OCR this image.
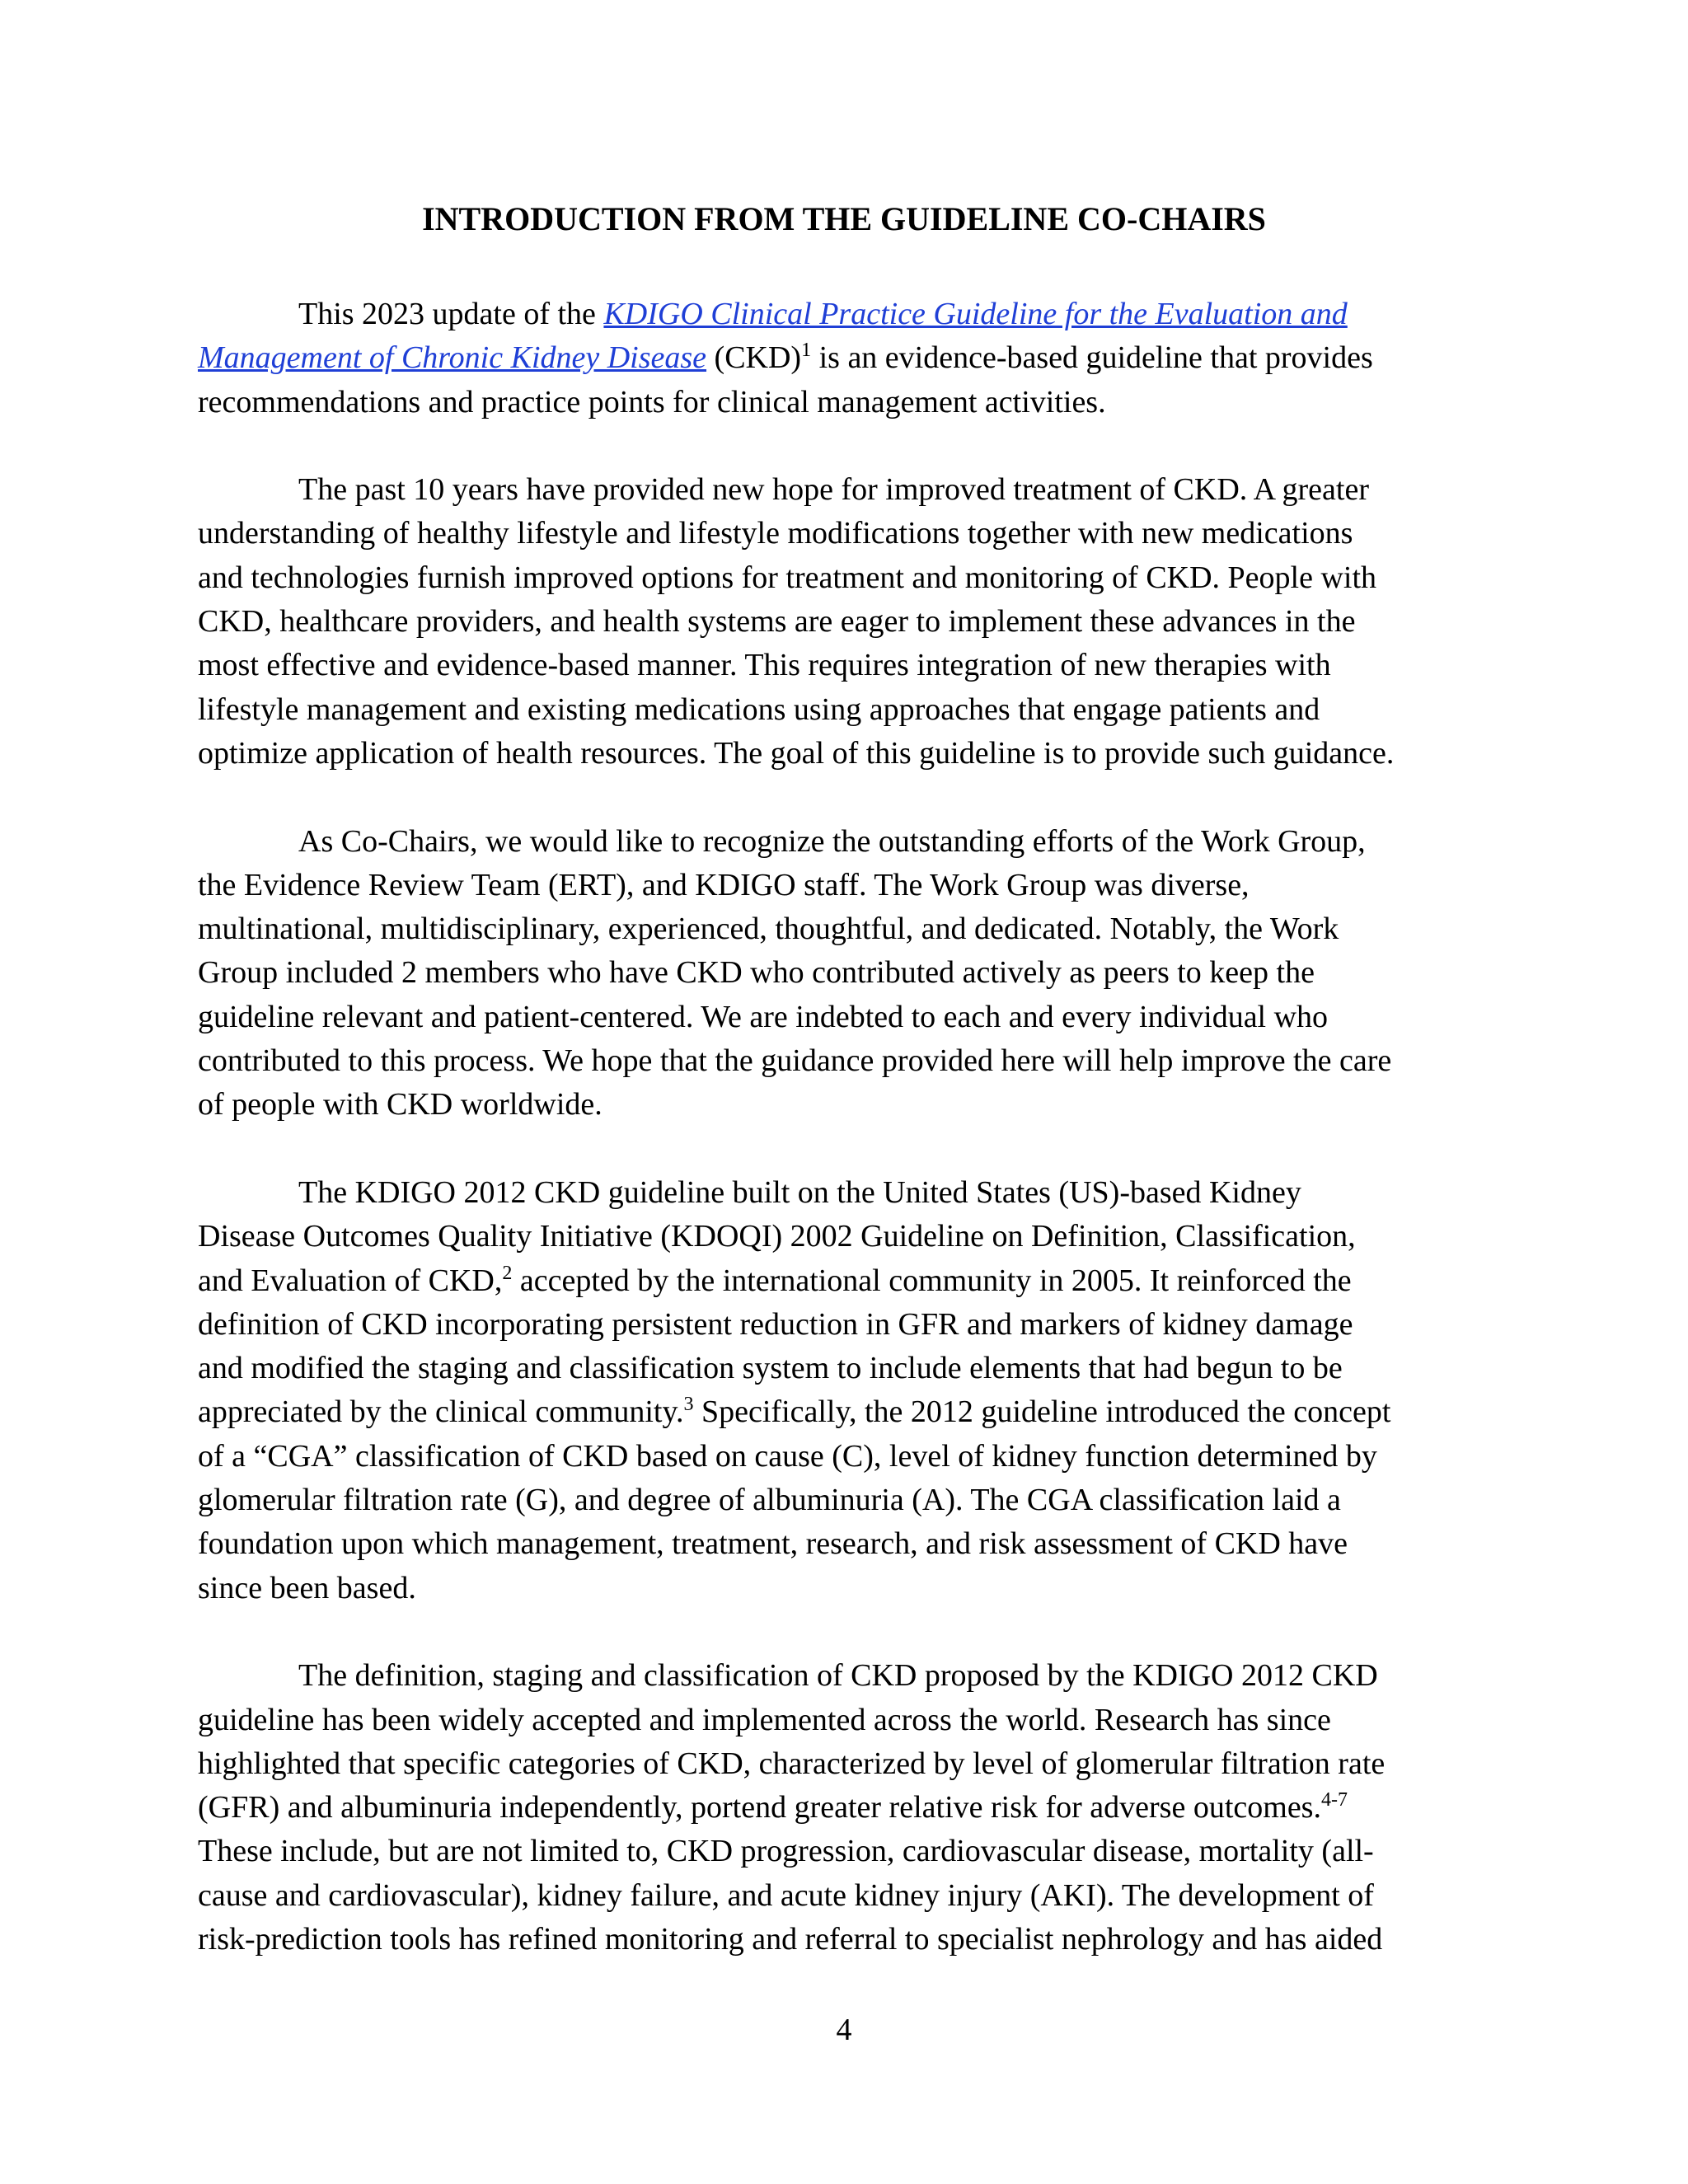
INTRODUCTION FROM THE GUIDELINE CO-CHAIRS

This 2023 update of the KDIGO Clinical Practice Guideline for the Evaluation and
Management of Chronic Kidney Disease (CKD)$^1$ is an evidence-based guideline that provides
recommendations and practice points for clinical management activities.

The past 10 years have provided new hope for improved treatment of CKD. A greater
understanding of healthy lifestyle and lifestyle modifications together with new medications
and technologies furnish improved options for treatment and monitoring of CKD. People with
CKD, healthcare providers, and health systems are eager to implement these advances in the
most effective and evidence-based manner. This requires integration of new therapies with
lifestyle management and existing medications using approaches that engage patients and
optimize application of health resources. The goal of this guideline is to provide such guidance.

As Co-Chairs, we would like to recognize the outstanding efforts of the Work Group,
the Evidence Review Team (ERT), and KDIGO staff. The Work Group was diverse,
multinational, multidisciplinary, experienced, thoughtful, and dedicated. Notably, the Work
Group included 2 members who have CKD who contributed actively as peers to keep the
guideline relevant and patient-centered. We are indebted to each and every individual who
contributed to this process. We hope that the guidance provided here will help improve the care
of people with CKD worldwide.

The KDIGO 2012 CKD guideline built on the United States (US)-based Kidney
Disease Outcomes Quality Initiative (KDOQI) 2002 Guideline on Definition, Classification,
and Evaluation of CKD,$^2$ accepted by the international community in 2005. It reinforced the
definition of CKD incorporating persistent reduction in GFR and markers of kidney damage
and modified the staging and classification system to include elements that had begun to be
appreciated by the clinical community.$^3$ Specifically, the 2012 guideline introduced the concept
of a “CGA” classification of CKD based on cause (C), level of kidney function determined by
glomerular filtration rate (G), and degree of albuminuria (A). The CGA classification laid a
foundation upon which management, treatment, research, and risk assessment of CKD have
since been based.

The definition, staging and classification of CKD proposed by the KDIGO 2012 CKD
guideline has been widely accepted and implemented across the world. Research has since
highlighted that specific categories of CKD, characterized by level of glomerular filtration rate
(GFR) and albuminuria independently, portend greater relative risk for adverse outcomes.$^{4-7}$
These include, but are not limited to, CKD progression, cardiovascular disease, mortality (all-
cause and cardiovascular), kidney failure, and acute kidney injury (AKI). The development of
risk-prediction tools has refined monitoring and referral to specialist nephrology and has aided

4
